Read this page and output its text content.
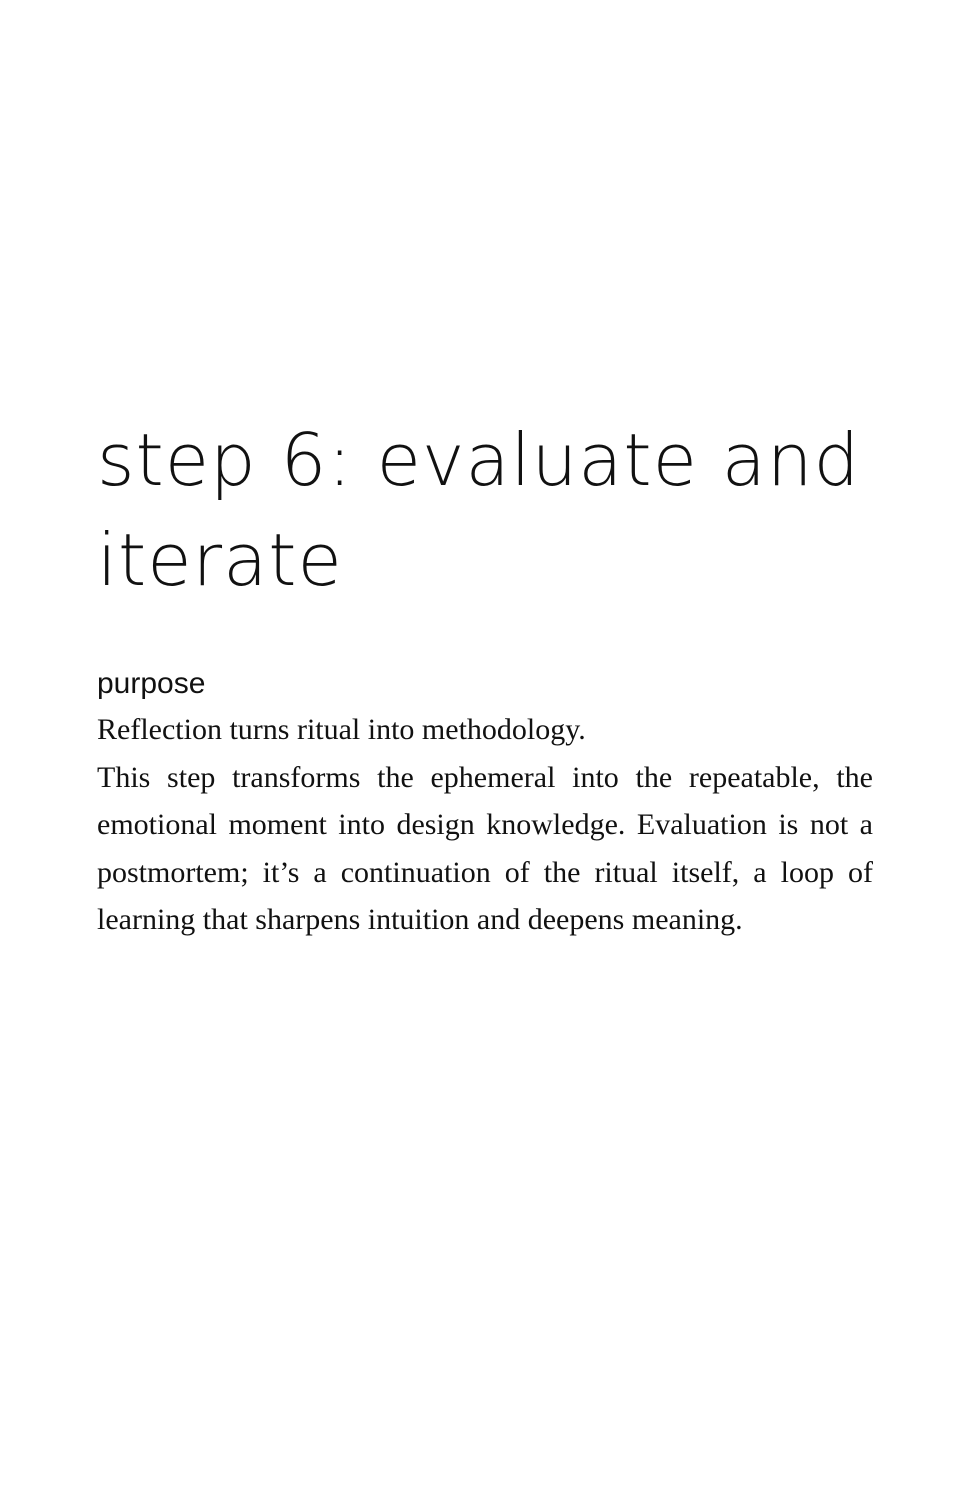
step 6: evaluate and iterate
purpose

Reflection turns ritual into methodology.

This step transforms the ephemeral into the repeatable, the emotional moment into design knowledge. Evaluation is not a postmortem; it’s a continuation of the ritual itself, a loop of learning that sharpens intuition and deepens meaning.
